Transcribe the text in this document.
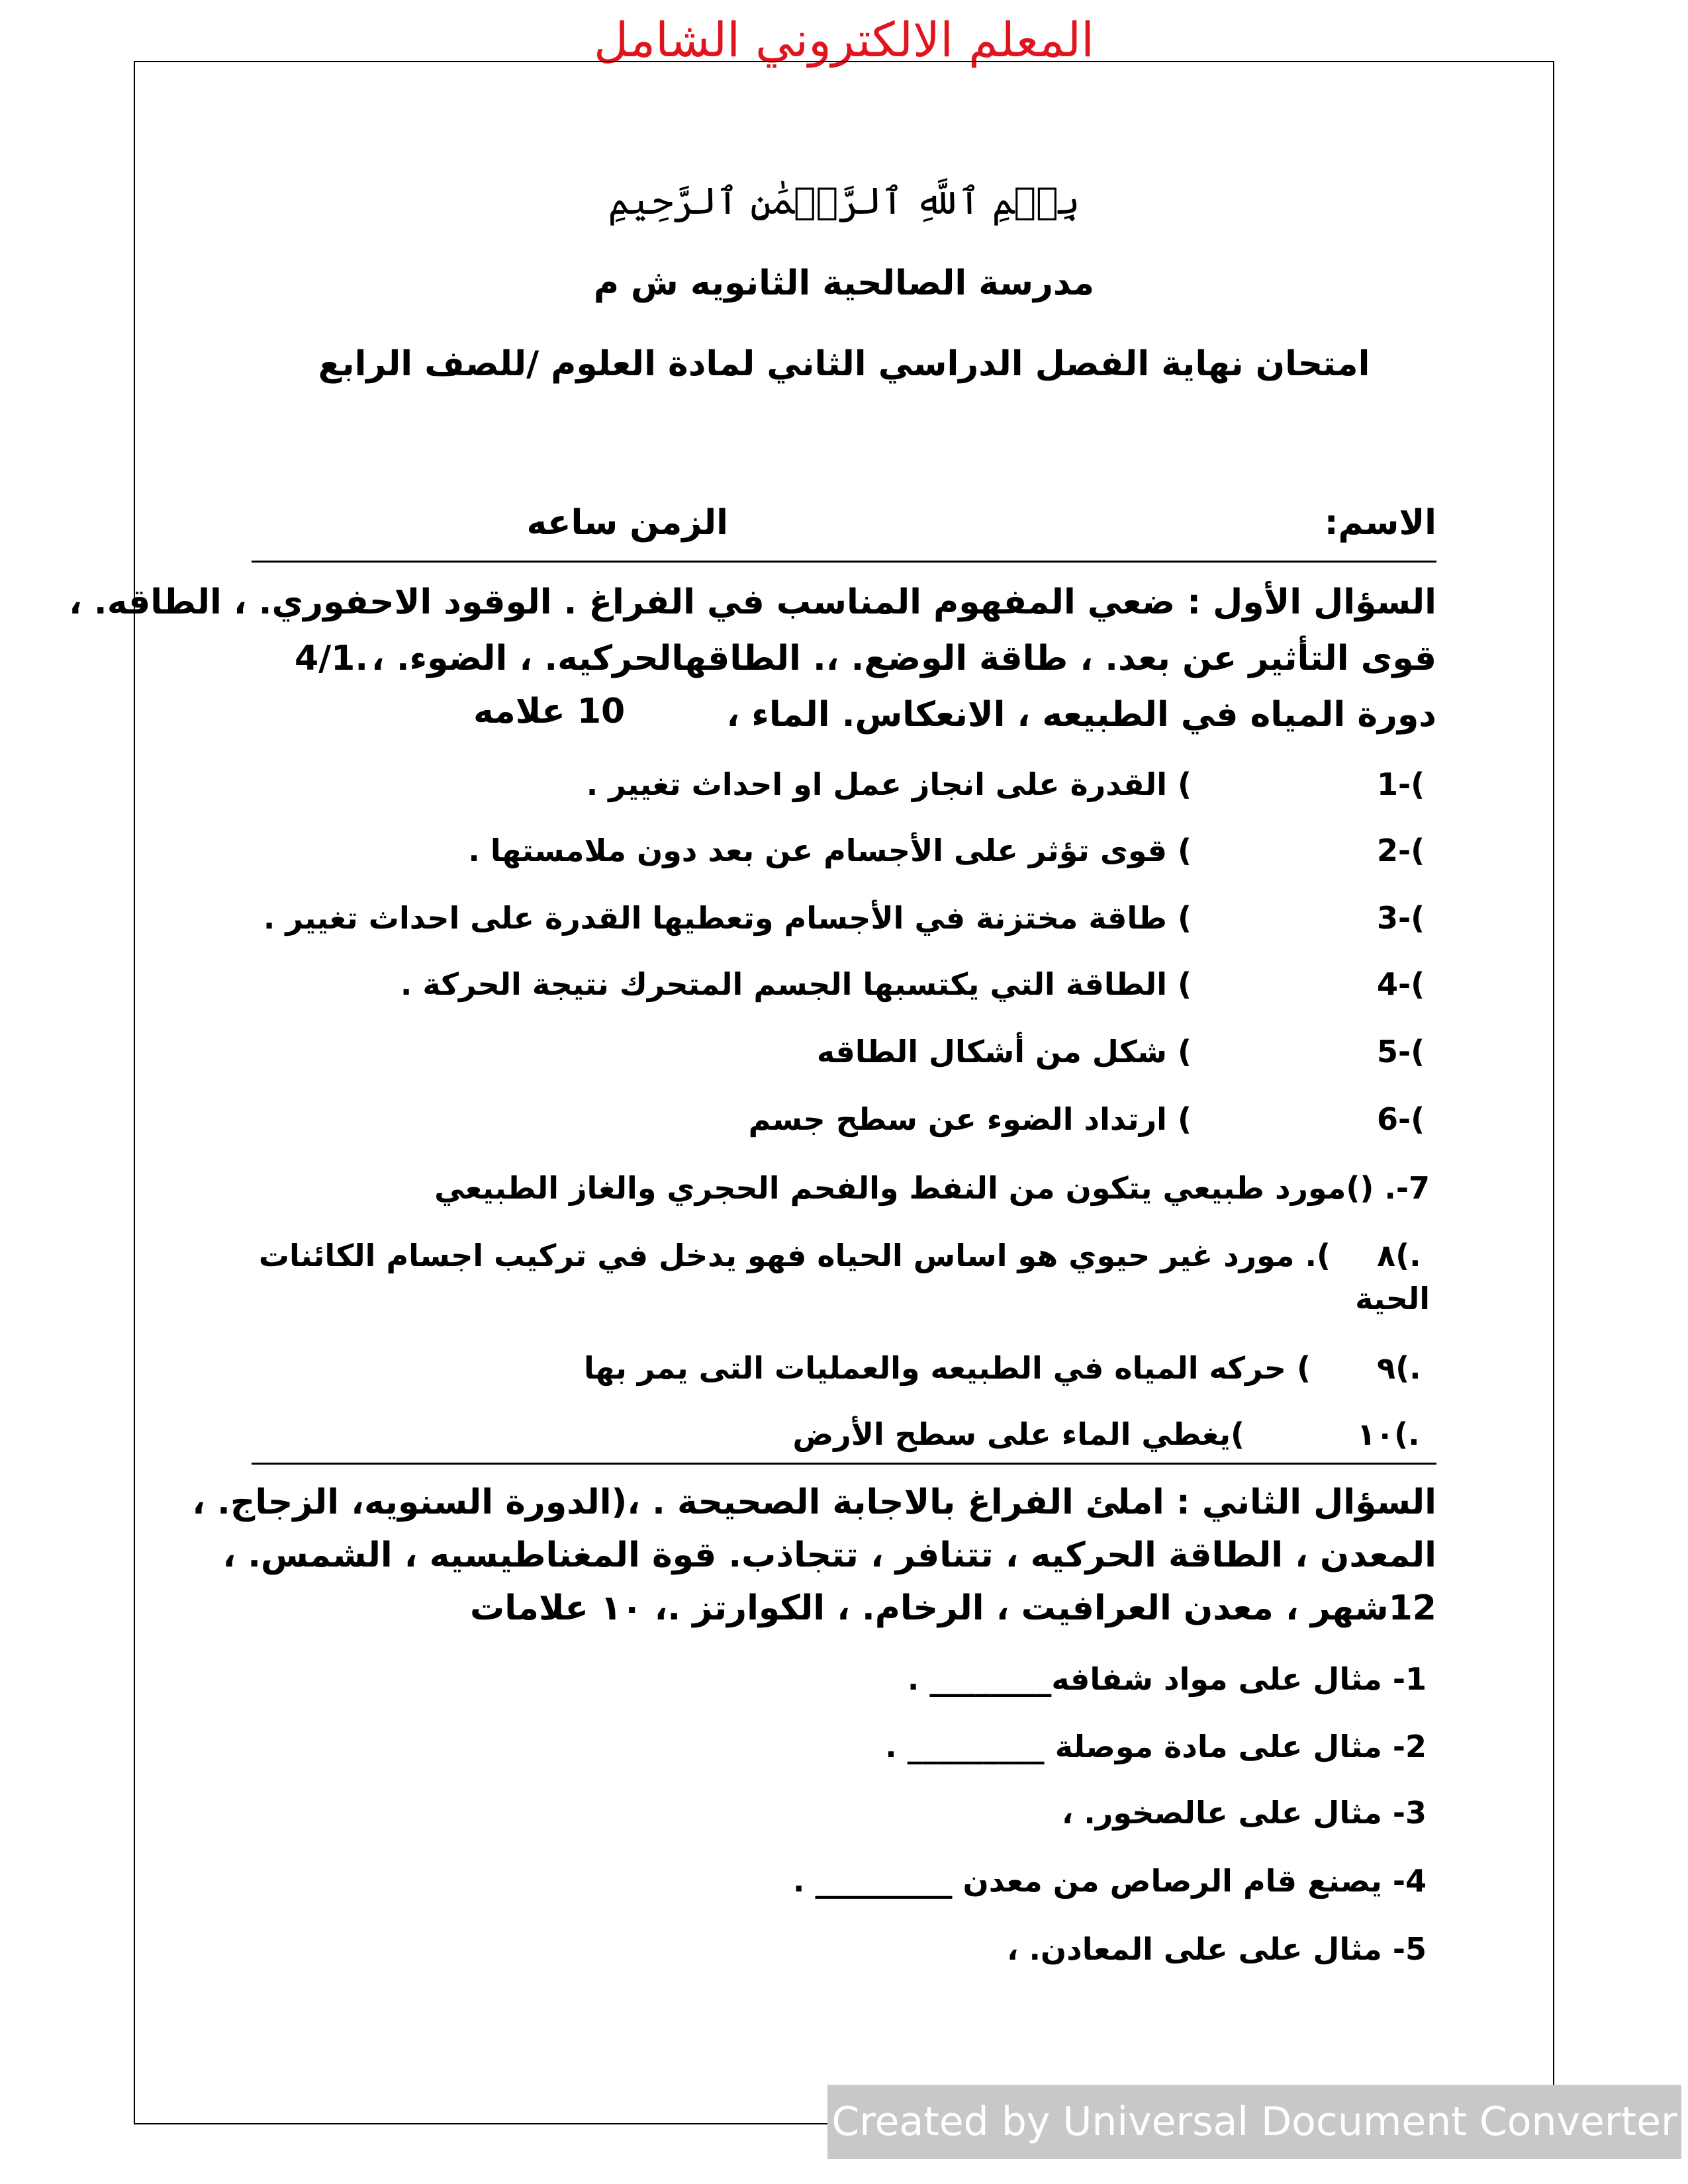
المعلم الالكتروني الشامل
بِسۡمِ ٱللَّهِ ٱلرَّحۡمَٰنِ ٱلرَّحِيمِ
مدرسة الصالحية الثانويه ش م
امتحان نهاية الفصل الدراسي الثاني لمادة العلوم /للصف الرابع
الاسم:
الزمن ساعه
السؤال الأول : ضعي المفهوم المناسب في الفراغ . الوقود الاحفوري. ، الطاقه. ،
قوى التأثير عن بعد. ، طاقة الوضع. ،. الطاقهالحركيه. ، الضوء. ،
4/1.
دورة المياه في الطبيعه ، الانعكاس. الماء ،
10 علامه
1-(
) القدرة على انجاز عمل او احداث تغيير .
2-(
) قوى تؤثر على الأجسام عن بعد دون ملامستها .
3-(
) طاقة مختزنة في الأجسام وتعطيها القدرة على احداث تغيير .
4-(
) الطاقة التي يكتسبها الجسم المتحرك نتيجة الحركة .
5-(
) شكل من أشكال الطاقه
6-(
) ارتداد الضوء عن سطح جسم
7-. ()مورد طبيعي يتكون من النفط والفحم الحجري والغاز الطبيعي
٨(.
). مورد غير حيوي هو اساس الحياه فهو يدخل في تركيب اجسام الكائنات
الحية
٩(.
) حركه المياه في الطبيعه والعمليات التى يمر بها
١٠(.
)يغطي الماء على سطح الأرض
السؤال الثاني : املئ الفراغ بالاجابة الصحيحة . ،(الدورة السنويه، الزجاج. ،
المعدن ، الطاقة الحركيه ، تتنافر ، تتجاذب. قوة المغناطيسيه ، الشمس. ،
12شهر ، معدن العرافيت ، الرخام. ، الكوارتز .، ١٠ علامات
1- مثال على مواد شفافه________ .
2- مثال على مادة موصلة _________ .
3- مثال على عالصخور. ،
4- يصنع قام الرصاص من معدن _________ .
5- مثال على على المعادن. ،
Created by Universal Document Converter
